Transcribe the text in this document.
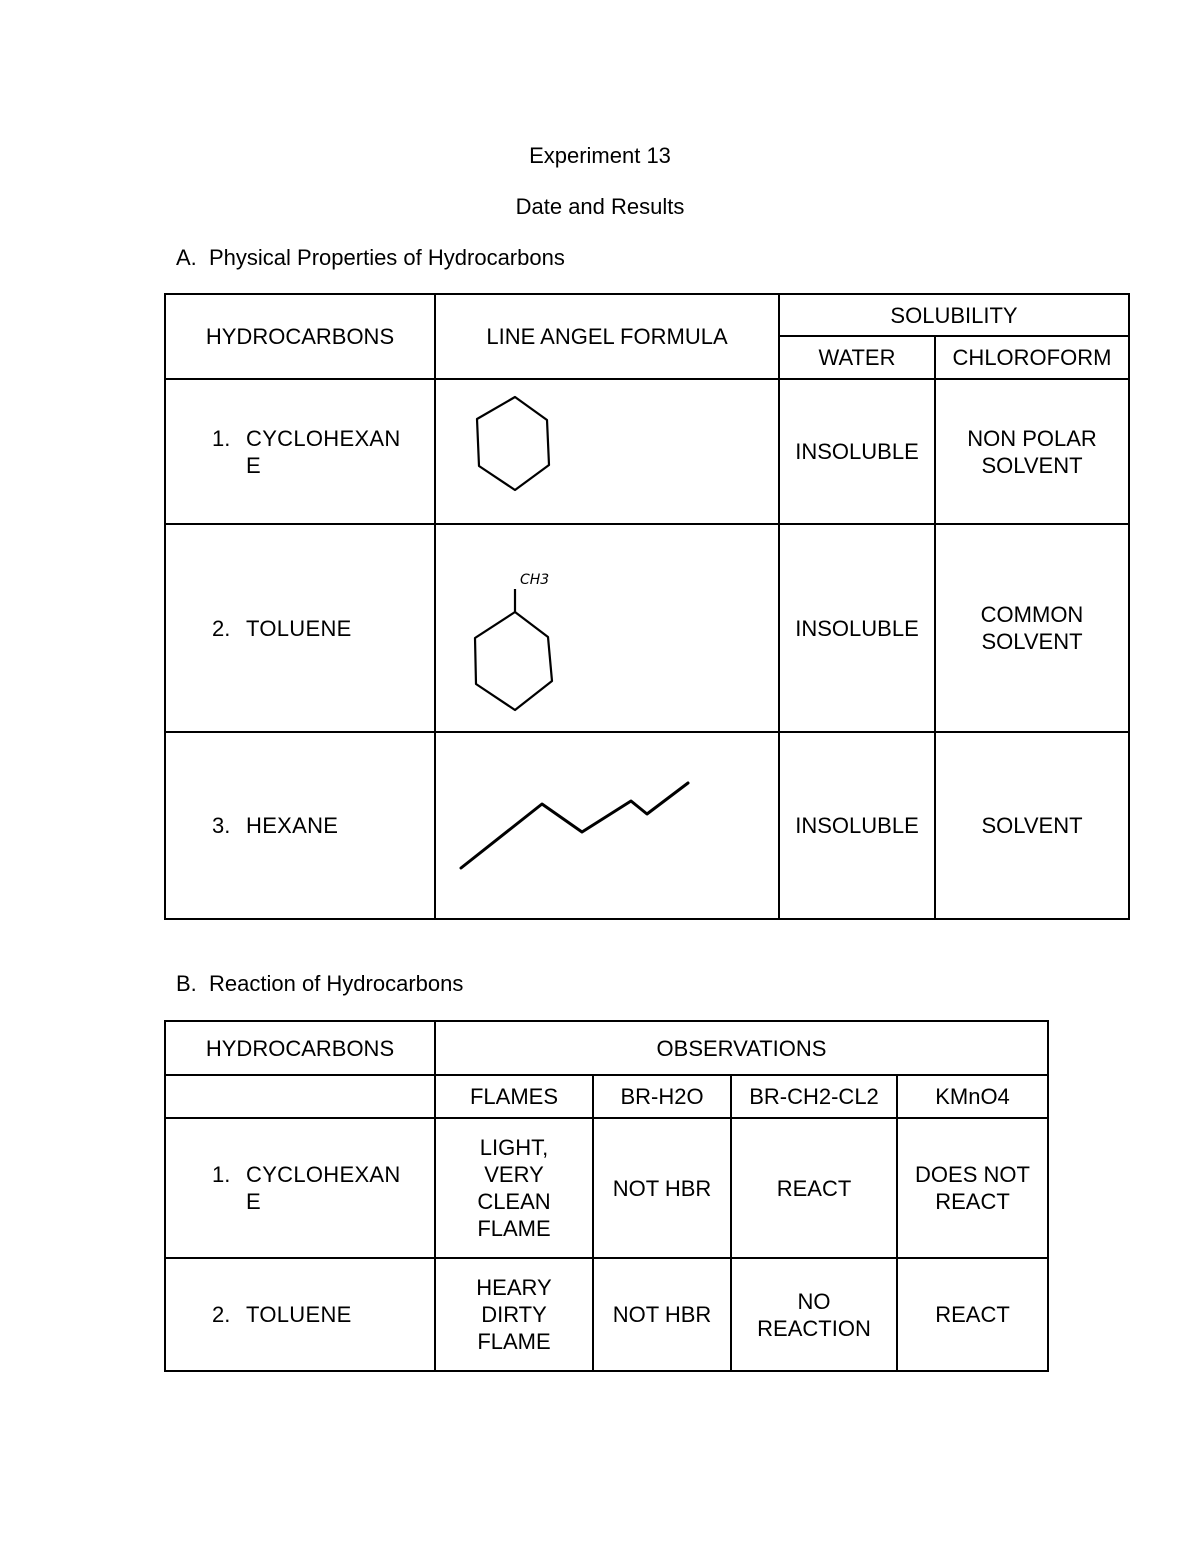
Experiment 13
Date and Results
A.  Physical Properties of Hydrocarbons
HYDROCARBONS	LINE ANGEL FORMULA	SOLUBILITY	
		WATER	CHLOROFORM

1. CYCLOHEXANE		INSOLUBLE	NON POLAR SOLVENT

2. TOLUENE	CH3	INSOLUBLE	COMMON SOLVENT

3. HEXANE		INSOLUBLE	SOLVENT
B.  Reaction of Hydrocarbons
HYDROCARBONS	OBSERVATIONS			
	FLAMES	BR-H2O	BR-CH2-CL2	KMnO4

1. CYCLOHEXANE	LIGHT, VERY CLEAN FLAME	NOT HBR	REACT	DOES NOT REACT

2. TOLUENE	HEARY DIRTY FLAME	NOT HBR	NO REACTION	REACT
